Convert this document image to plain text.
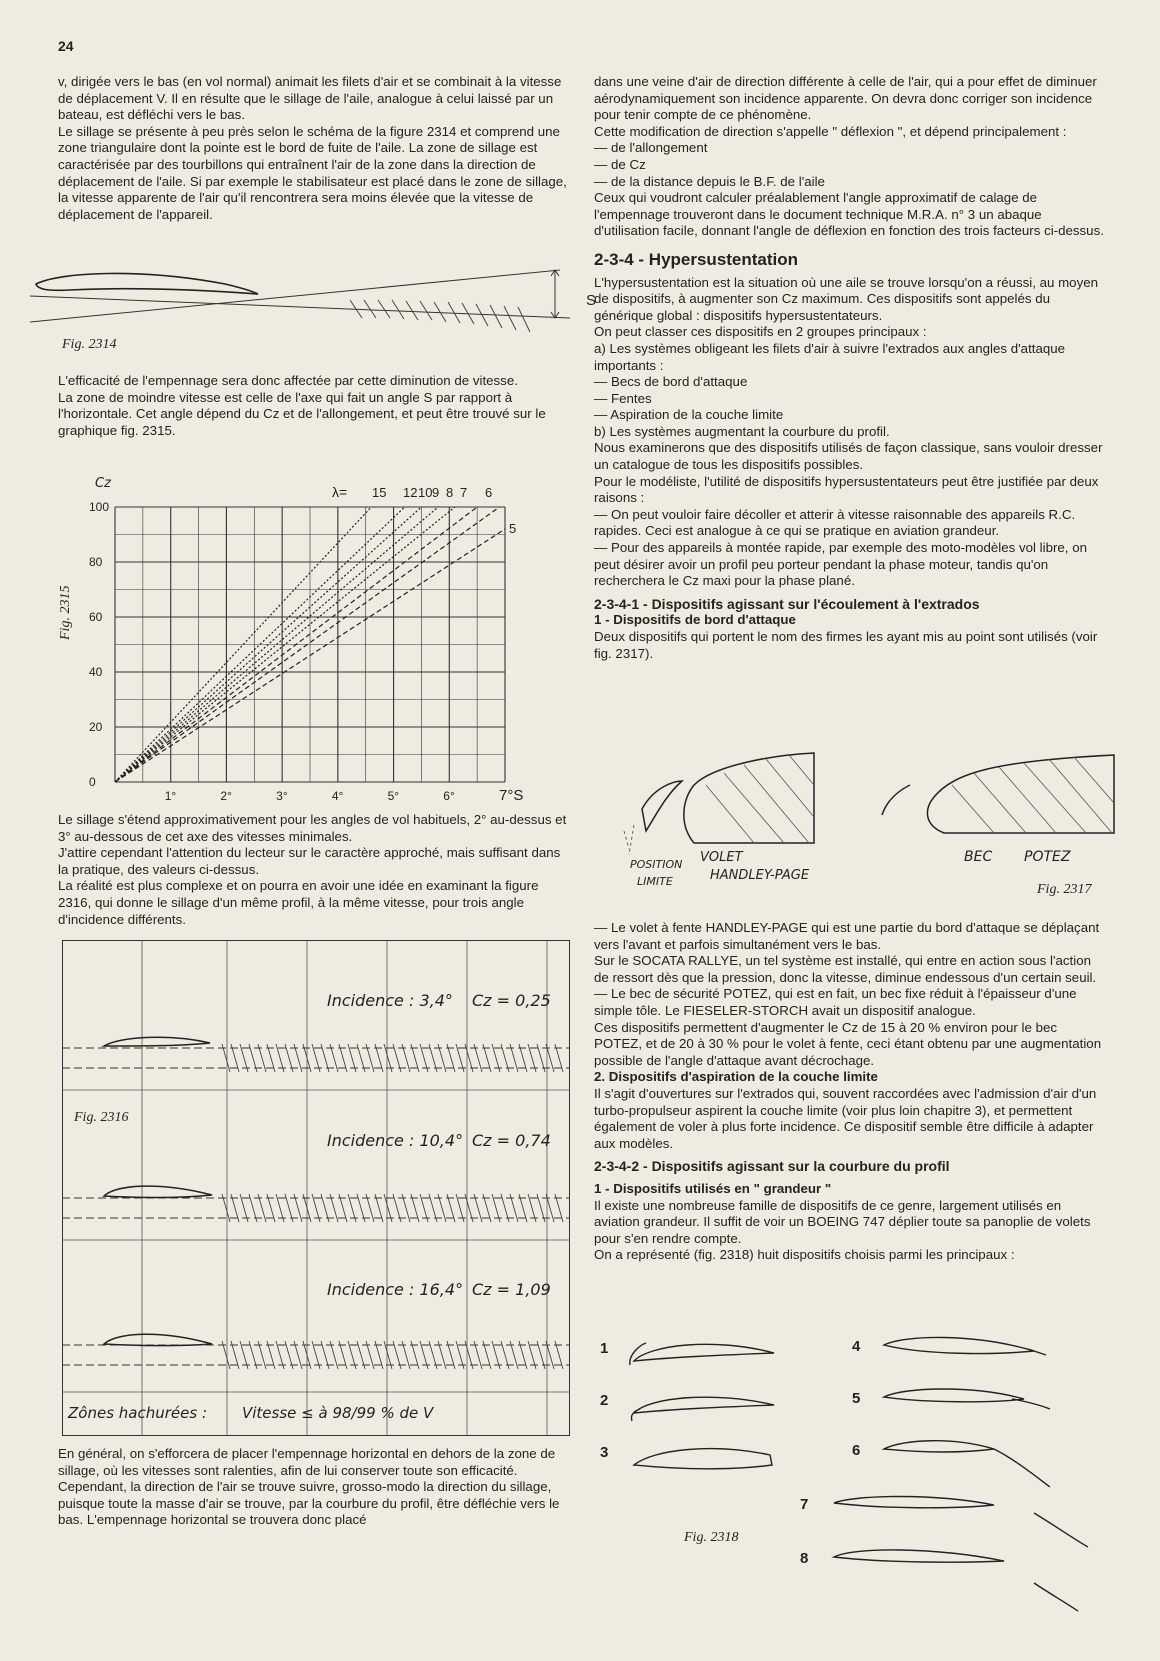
24

v, dirigée vers le bas (en vol normal) animait les filets d'air et se combinait à la vitesse de déplacement V. Il en résulte que le sillage de l'aile, analogue à celui laissé par un bateau, est défléchi vers le bas.

Le sillage se présente à peu près selon le schéma de la figure 2314 et comprend une zone triangulaire dont la pointe est le bord de fuite de l'aile. La zone de sillage est caractérisée par des tourbillons qui entraînent l'air de la zone dans la direction de déplacement de l'aile. Si par exemple le stabilisateur est placé dans le zone de sillage, la vitesse apparente de l'air qu'il rencontrera sera moins élevée que la vitesse de déplacement de l'appareil.

S
Fig. 2314

L'efficacité de l'empennage sera donc affectée par cette diminution de vitesse.

La zone de moindre vitesse est celle de l'axe qui fait un angle S par rapport à l'horizontale. Cet angle dépend du Cz et de l'allongement, et peut être trouvé sur le graphique fig. 2315.

100
80
60
40
20
0
1°	2°	3°	4°	5°	6°	7°S
15 12 10 9 8 7 6
5
Cz
λ=
Fig. 2315

Le sillage s'étend approximativement pour les angles de vol habituels, 2° au-dessus et 3° au-dessous de cet axe des vitesses minimales.

J'attire cependant l'attention du lecteur sur le caractère approché, mais suffisant dans la pratique, des valeurs ci-dessus.

La réalité est plus complexe et on pourra en avoir une idée en examinant la figure 2316, qui donne le sillage d'un même profil, à la même vitesse, pour trois angle d'incidence différents.

Incidence : 3,4° Cz = 0,25
Incidence : 10,4° Cz = 0,74
Incidence : 16,4° Cz = 1,09
Zônes hachurées : Vitesse ≤ à 98/99 % de V
Fig. 2316

En général, on s'efforcera de placer l'empennage horizontal en dehors de la zone de sillage, où les vitesses sont ralenties, afin de lui conserver toute son efficacité.

Cependant, la direction de l'air se trouve suivre, grosso-modo la direction du sillage, puisque toute la masse d'air se trouve, par la courbure du profil, être défléchie vers le bas. L'empennage horizontal se trouvera donc placé

dans une veine d'air de direction différente à celle de l'air, qui a pour effet de diminuer aérodynamiquement son incidence apparente. On devra donc corriger son incidence pour tenir compte de ce phénomène.

Cette modification de direction s'appelle " déflexion ", et dépend principalement :

— de l'allongement

— de Cz

— de la distance depuis le B.F. de l'aile

Ceux qui voudront calculer préalablement l'angle approximatif de calage de l'empennage trouveront dans le document technique M.R.A. n° 3 un abaque d'utilisation facile, donnant l'angle de déflexion en fonction des trois facteurs ci-dessus.

2-3-4 - Hypersustentation

L'hypersustentation est la situation où une aile se trouve lorsqu'on a réussi, au moyen de dispositifs, à augmenter son Cz maximum. Ces dispositifs sont appelés du générique global : dispositifs hypersustentateurs.

On peut classer ces dispositifs en 2 groupes principaux :

a) Les systèmes obligeant les filets d'air à suivre l'extrados aux angles d'attaque importants :

— Becs de bord d'attaque

— Fentes

— Aspiration de la couche limite

b) Les systèmes augmentant la courbure du profil.

Nous examinerons que des dispositifs utilisés de façon classique, sans vouloir dresser un catalogue de tous les dispositifs possibles.

Pour le modéliste, l'utilité de dispositifs hypersustentateurs peut être justifiée par deux raisons :

— On peut vouloir faire décoller et atterir à vitesse raisonnable des appareils R.C. rapides. Ceci est analogue à ce qui se pratique en aviation grandeur.

— Pour des appareils à montée rapide, par exemple des moto-modèles vol libre, on peut désirer avoir un profil peu porteur pendant la phase moteur, tandis qu'on recherchera le Cz maxi pour la phase plané.

2-3-4-1 - Dispositifs agissant sur l'écoulement à l'extrados
1 - Dispositifs de bord d'attaque

Deux dispositifs qui portent le nom des firmes les ayant mis au point sont utilisés (voir fig. 2317).

POSITION
LIMITE
VOLET
HANDLEY-PAGE
BEC POTEZ
Fig. 2317

— Le volet à fente HANDLEY-PAGE qui est une partie du bord d'attaque se déplaçant vers l'avant et parfois simultanément vers le bas.

Sur le SOCATA RALLYE, un tel système est installé, qui entre en action sous l'action de ressort dès que la pression, donc la vitesse, diminue endessous d'un certain seuil.

— Le bec de sécurité POTEZ, qui est en fait, un bec fixe réduit à l'épaisseur d'une simple tôle. Le FIESELER-STORCH avait un dispositif analogue.

Ces dispositifs permettent d'augmenter le Cz de 15 à 20 % environ pour le bec POTEZ, et de 20 à 30 % pour le volet à fente, ceci étant obtenu par une augmentation possible de l'angle d'attaque avant décrochage.

2. Dispositifs d'aspiration de la couche limite

Il s'agit d'ouvertures sur l'extrados qui, souvent raccordées avec l'admission d'air d'un turbo-propulseur aspirent la couche limite (voir plus loin chapitre 3), et permettent également de voler à plus forte incidence. Ce dispositif semble être difficile à adapter aux modèles.

2-3-4-2 - Dispositifs agissant sur la courbure du profil
1 - Dispositifs utilisés en " grandeur "

Il existe une nombreuse famille de dispositifs de ce genre, largement utilisés en aviation grandeur. Il suffit de voir un BOEING 747 déplier toute sa panoplie de volets pour s'en rendre compte.

On a représenté (fig. 2318) huit dispositifs choisis parmi les principaux :

1
2
3
4
5
6
7
8
Fig. 2318
